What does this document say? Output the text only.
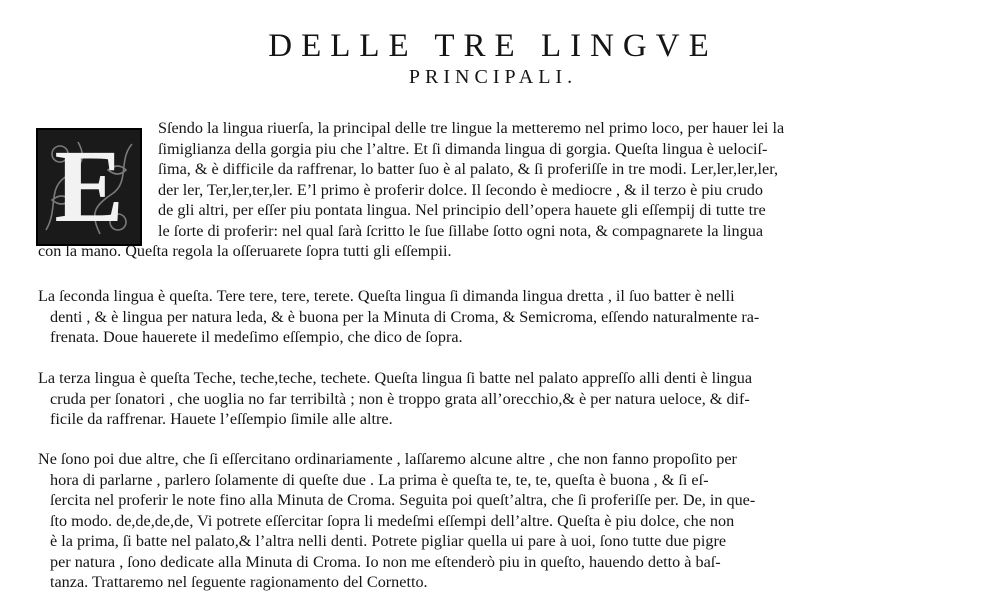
DELLE TRE LINGVE
PRINCIPALI.
E
Sſendo la lingua riuerſa, la principal delle tre lingue la metteremo nel primo loco, per hauer lei la
ſimiglianza della gorgia piu che l’altre. Et ſi dimanda lingua di gorgia. Queſta lingua è uelociſ-
ſima, & è difficile da raffrenar, lo batter ſuo è al palato, & ſi proferiſſe in tre modi. Ler,ler,ler,ler,
der ler, Ter,ler,ter,ler. E’l primo è proferir dolce. Il ſecondo è mediocre , & il terzo è piu crudo
de gli altri, per eſſer piu pontata lingua. Nel principio dell’opera hauete gli eſſempij di tutte tre
le ſorte di proferir: nel qual ſarà ſcritto le ſue ſillabe ſotto ogni nota, & compagnarete la lingua
con la mano. Queſta regola la oſſeruarete ſopra tutti gli eſſempii.
La ſeconda lingua è queſta. Tere tere, tere, terete. Queſta lingua ſi dimanda lingua dretta , il ſuo batter è nelli
denti , & è lingua per natura leda, & è buona per la Minuta di Croma, & Semicroma, eſſendo naturalmente ra-
frenata. Doue hauerete il medeſimo eſſempio, che dico de ſopra.
La terza lingua è queſta Teche, teche,teche, techete. Queſta lingua ſi batte nel palato appreſſo alli denti è lingua
cruda per ſonatori , che uoglia no far terribiltà ; non è troppo grata all’orecchio,& è per natura ueloce, & dif-
ficile da raffrenar. Hauete l’eſſempio ſimile alle altre.
Ne ſono poi due altre, che ſi eſſercitano ordinariamente , laſſaremo alcune altre , che non fanno propoſito per
hora di parlarne , parlero ſolamente di queſte due . La prima è queſta te, te, te, queſta è buona , & ſi eſ-
ſercita nel proferir le note fino alla Minuta de Croma. Seguita poi queſt’altra, che ſi proferiſſe per. De, in que-
ſto modo. de,de,de,de, Vi potrete eſſercitar ſopra li medeſmi eſſempi dell’altre. Queſta è piu dolce, che non
è la prima, ſi batte nel palato,& l’altra nelli denti. Potrete pigliar quella ui pare à uoi, ſono tutte due pigre
per natura , ſono dedicate alla Minuta di Croma. Io non me eſtenderò piu in queſto, hauendo detto à baſ-
tanza. Trattaremo nel ſeguente ragionamento del Cornetto.
